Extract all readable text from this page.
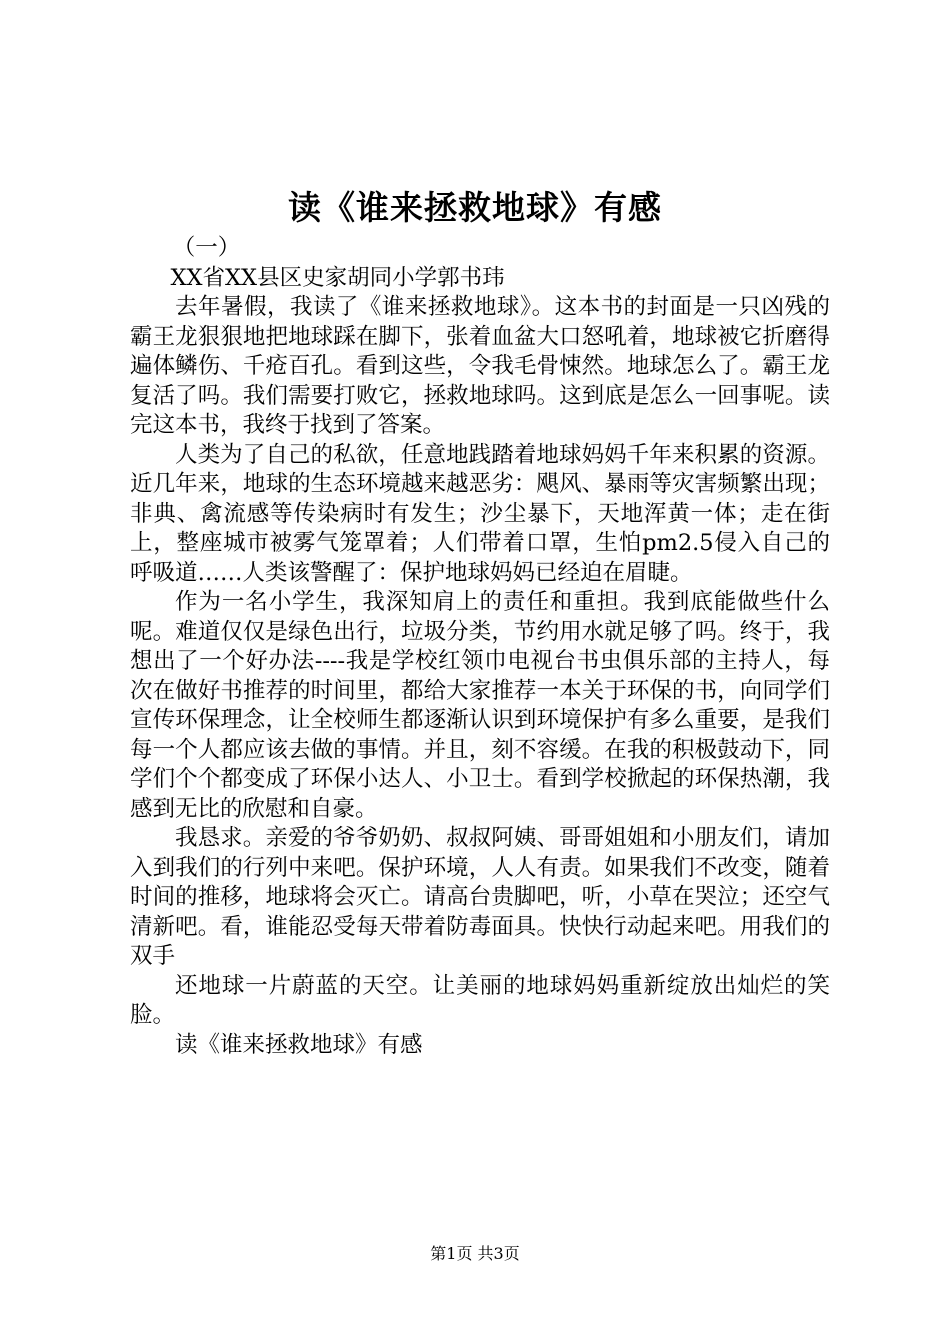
读《谁来拯救地球》有感

（一）

XX省XX县区史家胡同小学郭书玮

去年暑假，我读了《谁来拯救地球》。这本书的封面是一只凶残的霸王龙狠狠地把地球踩在脚下，张着血盆大口怒吼着，地球被它折磨得遍体鳞伤、千疮百孔。看到这些，令我毛骨悚然。地球怎么了。霸王龙复活了吗。我们需要打败它，拯救地球吗。这到底是怎么一回事呢。读完这本书，我终于找到了答案。

人类为了自己的私欲，任意地践踏着地球妈妈千年来积累的资源。近几年来，地球的生态环境越来越恶劣：飓风、暴雨等灾害频繁出现；非典、禽流感等传染病时有发生；沙尘暴下，天地浑黄一体；走在街上，整座城市被雾气笼罩着；人们带着口罩，生怕pm2.5侵入自己的呼吸道……人类该警醒了：保护地球妈妈已经迫在眉睫。

作为一名小学生，我深知肩上的责任和重担。我到底能做些什么呢。难道仅仅是绿色出行，垃圾分类，节约用水就足够了吗。终于，我想出了一个好办法----我是学校红领巾电视台书虫俱乐部的主持人，每次在做好书推荐的时间里，都给大家推荐一本关于环保的书，向同学们宣传环保理念，让全校师生都逐渐认识到环境保护有多么重要，是我们每一个人都应该去做的事情。并且，刻不容缓。在我的积极鼓动下，同学们个个都变成了环保小达人、小卫士。看到学校掀起的环保热潮，我感到无比的欣慰和自豪。

我恳求。亲爱的爷爷奶奶、叔叔阿姨、哥哥姐姐和小朋友们，请加入到我们的行列中来吧。保护环境，人人有责。如果我们不改变，随着时间的推移，地球将会灭亡。请高台贵脚吧，听，小草在哭泣；还空气清新吧。看，谁能忍受每天带着防毒面具。快快行动起来吧。用我们的双手

还地球一片蔚蓝的天空。让美丽的地球妈妈重新绽放出灿烂的笑脸。

读《谁来拯救地球》有感

第1页 共3页
